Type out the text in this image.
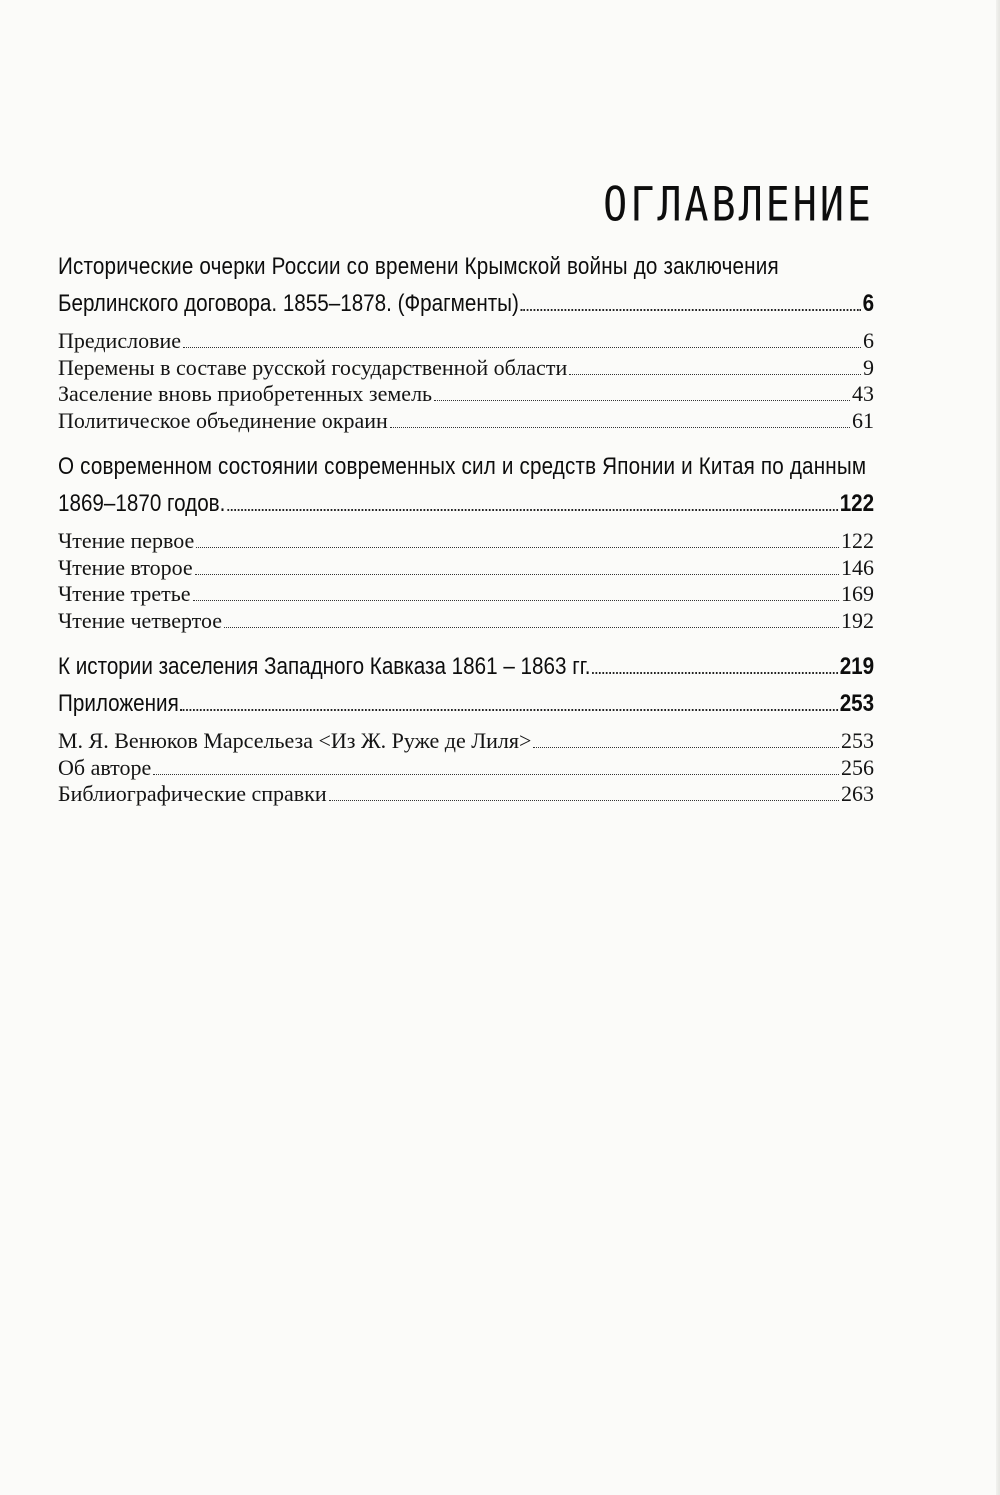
ОГЛАВЛЕНИЕ
Исторические очерки России со времени Крымской войны до заключения
Берлинского договора. 1855–1878. (Фрагменты)	6
Предисловие	6
Перемены в составе русской государственной области	9
Заселение вновь приобретенных земель	43
Политическое объединение окраин	61
О современном состоянии современных сил и средств Японии и Китая по данным
1869–1870 годов.	122
Чтение первое	122
Чтение второе	146
Чтение третье	169
Чтение четвертое	192
К истории заселения Западного Кавказа 1861 – 1863 гг.	219
Приложения	253
М. Я. Венюков Марсельеза <Из Ж. Руже де Лиля>	253
Об авторе	256
Библиографические справки	263
